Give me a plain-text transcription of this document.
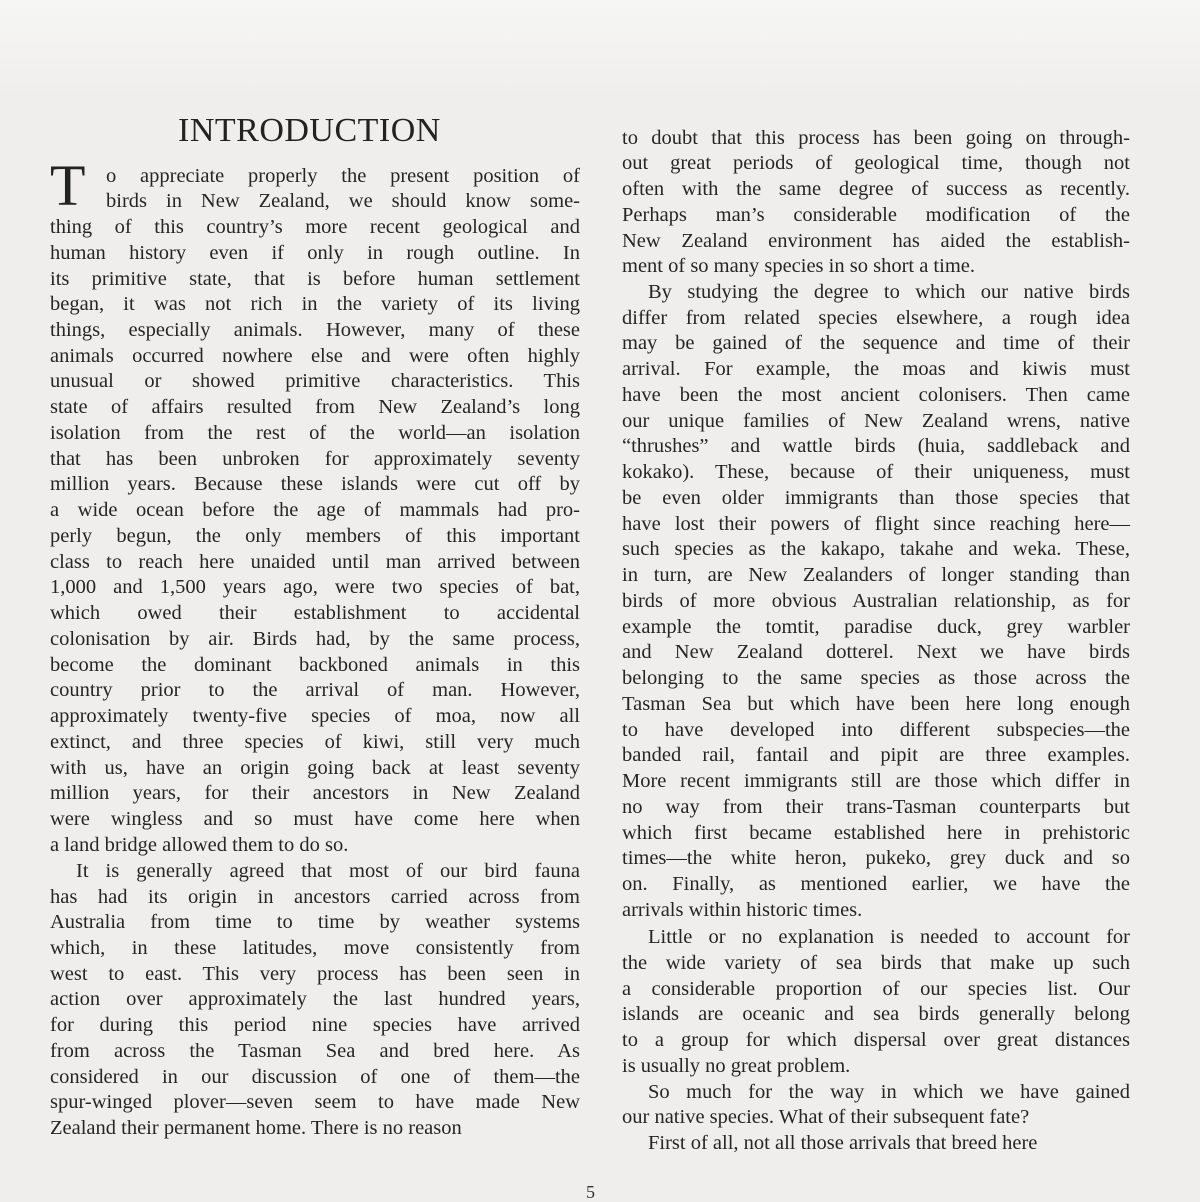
INTRODUCTION
T	o appreciate properly the present position of
birds in New Zealand, we should know some-
thing of this country’s more recent geological and
human history even if only in rough outline. In
its primitive state, that is before human settlement
began, it was not rich in the variety of its living
things, especially animals. However, many of these
animals occurred nowhere else and were often highly
unusual or showed primitive characteristics. This
state of affairs resulted from New Zealand’s long
isolation from the rest of the world—an isolation
that has been unbroken for approximately seventy
million years. Because these islands were cut off by
a wide ocean before the age of mammals had pro-
perly begun, the only members of this important
class to reach here unaided until man arrived between
1,000 and 1,500 years ago, were two species of bat,
which owed their establishment to accidental
colonisation by air. Birds had, by the same process,
become the dominant backboned animals in this
country prior to the arrival of man. However,
approximately twenty-five species of moa, now all
extinct, and three species of kiwi, still very much
with us, have an origin going back at least seventy
million years, for their ancestors in New Zealand
were wingless and so must have come here when
a land bridge allowed them to do so.
It is generally agreed that most of our bird fauna
has had its origin in ancestors carried across from
Australia from time to time by weather systems
which, in these latitudes, move consistently from
west to east. This very process has been seen in
action over approximately the last hundred years,
for during this period nine species have arrived
from across the Tasman Sea and bred here. As
considered in our discussion of one of them—the
spur-winged plover—seven seem to have made New
Zealand their permanent home. There is no reason
to doubt that this process has been going on through-
out great periods of geological time, though not
often with the same degree of success as recently.
Perhaps man’s considerable modification of the
New Zealand environment has aided the establish-
ment of so many species in so short a time.
By studying the degree to which our native birds
differ from related species elsewhere, a rough idea
may be gained of the sequence and time of their
arrival. For example, the moas and kiwis must
have been the most ancient colonisers. Then came
our unique families of New Zealand wrens, native
“thrushes” and wattle birds (huia, saddleback and
kokako). These, because of their uniqueness, must
be even older immigrants than those species that
have lost their powers of flight since reaching here—
such species as the kakapo, takahe and weka. These,
in turn, are New Zealanders of longer standing than
birds of more obvious Australian relationship, as for
example the tomtit, paradise duck, grey warbler
and New Zealand dotterel. Next we have birds
belonging to the same species as those across the
Tasman Sea but which have been here long enough
to have developed into different subspecies—the
banded rail, fantail and pipit are three examples.
More recent immigrants still are those which differ in
no way from their trans-Tasman counterparts but
which first became established here in prehistoric
times—the white heron, pukeko, grey duck and so
on. Finally, as mentioned earlier, we have the
arrivals within historic times.
Little or no explanation is needed to account for
the wide variety of sea birds that make up such
a considerable proportion of our species list. Our
islands are oceanic and sea birds generally belong
to a group for which dispersal over great distances
is usually no great problem.
So much for the way in which we have gained
our native species. What of their subsequent fate?
First of all, not all those arrivals that breed here
5
